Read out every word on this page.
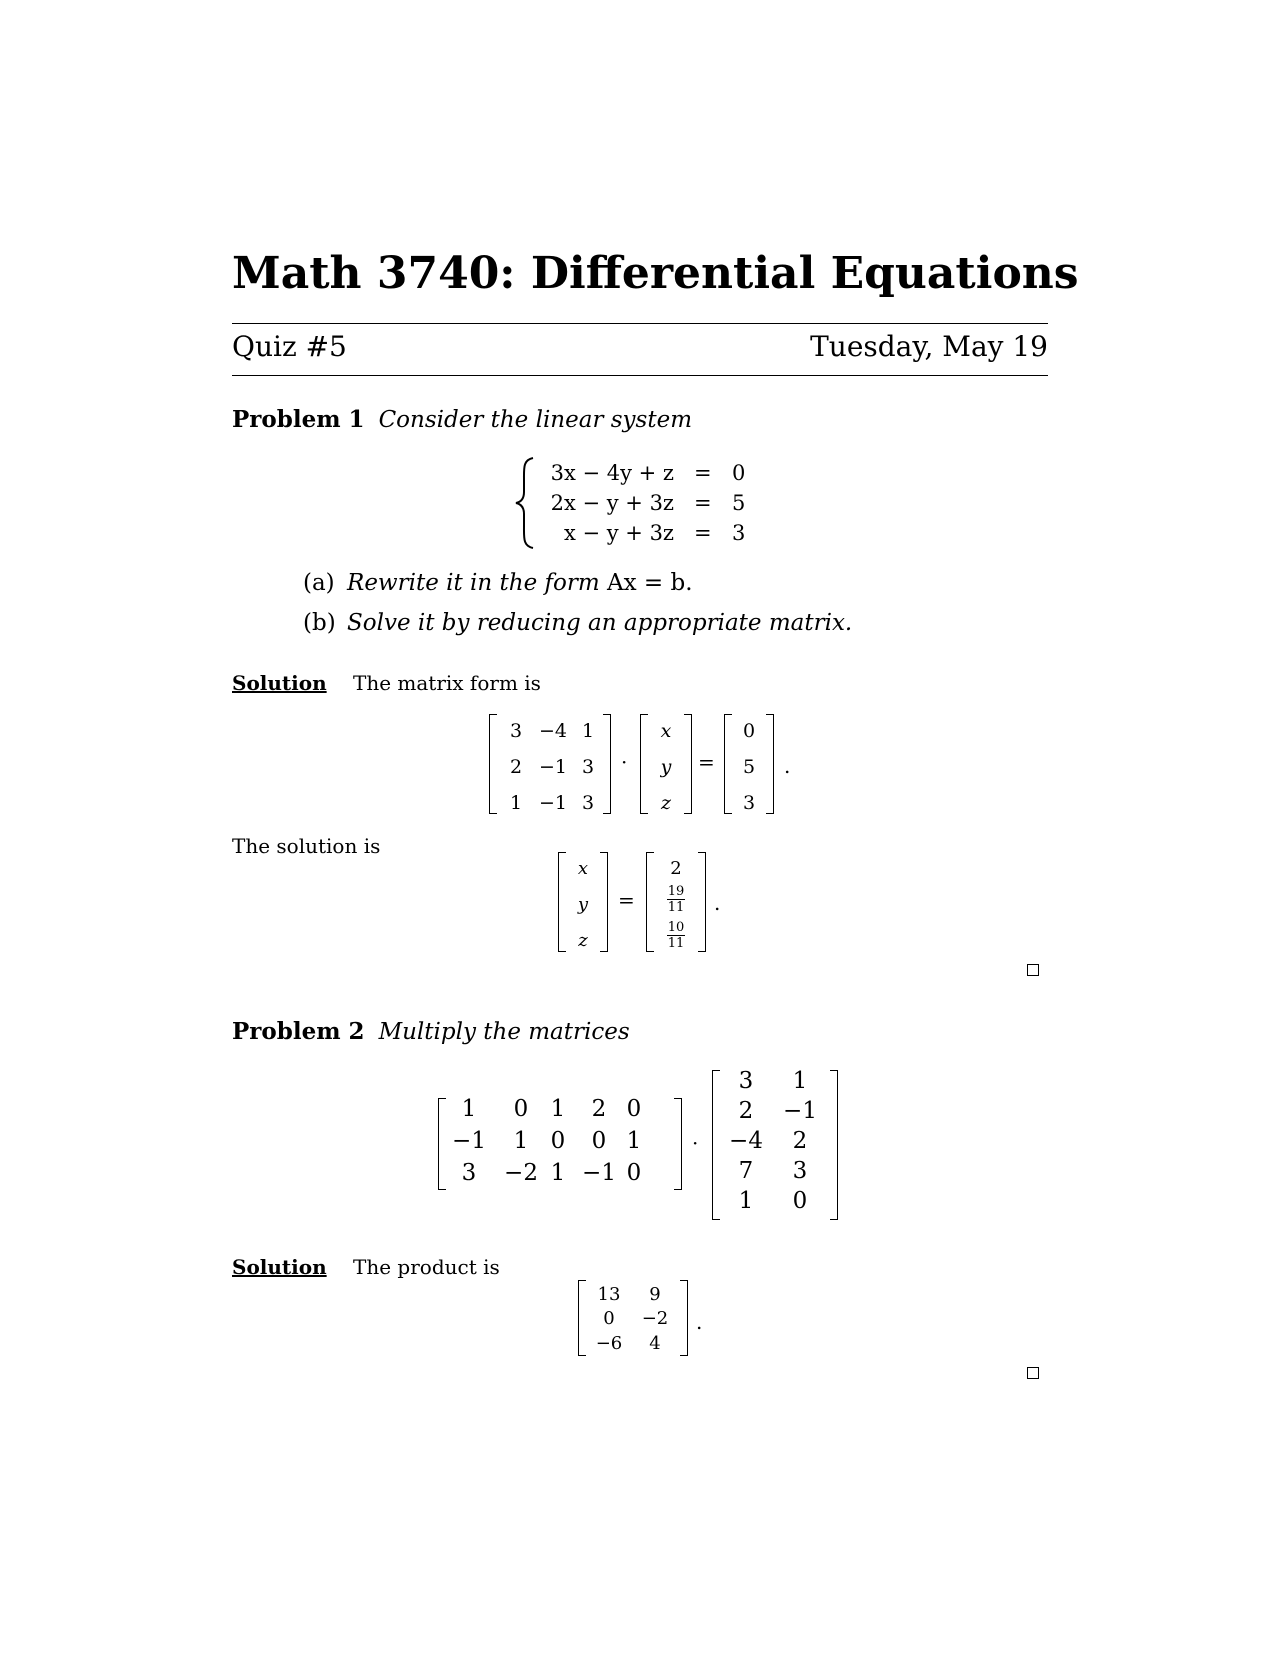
Math 3740: Differential Equations
Quiz #5	Tuesday, May 19
Problem 1 Consider the linear system
3x − 4y + z = 0
2x − y + 3z = 5
x − y + 3z = 3
(a) Rewrite it in the form Ax = b.
(b) Solve it by reducing an appropriate matrix.
Solution The matrix form is
3 −4 1
2 −1 3
1 −1 3
·
x
y
z
=
0
5
3
.
The solution is
x
y
z
=
2
$\frac{19}{11}$
$\frac{10}{11}$
.
Problem 2 Multiply the matrices
1	0 1	2 0
−1	1 0	0 1
3	−2 1 −1 0
3	1
2	−1
−4	2
7	3
1	0
·
Solution The product is
13	9
0	−2
−6	4
.
